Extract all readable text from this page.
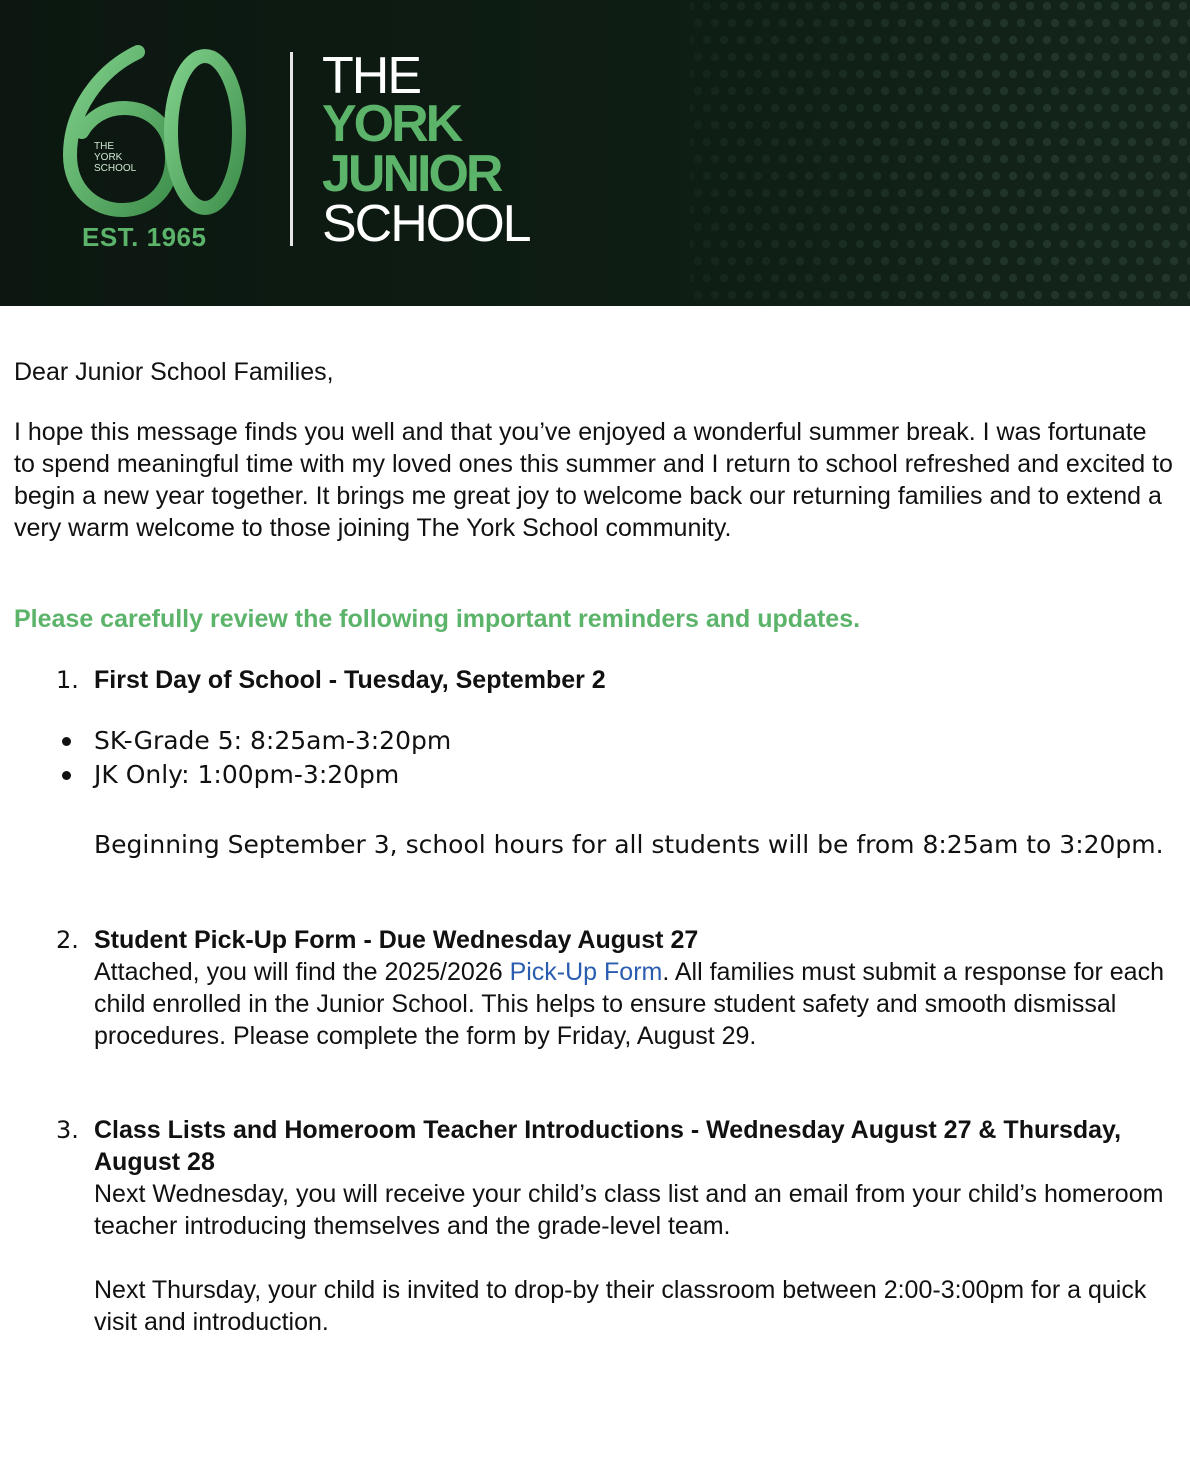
THE
YORK
SCHOOL
EST. 1965
THE
YORK
JUNIOR
SCHOOL

Dear Junior School Families,

I hope this message finds you well and that you’ve enjoyed a wonderful summer break. I was fortunate to spend meaningful time with my loved ones this summer and I return to school refreshed and excited to begin a new year together. It brings me great joy to welcome back our returning families and to extend a very warm welcome to those joining The York School community.

Please carefully review the following important reminders and updates.

1. First Day of School - Tuesday, September 2
SK-Grade 5: 8:25am-3:20pm
JK Only: 1:00pm-3:20pm
Beginning September 3, school hours for all students will be from 8:25am to 3:20pm.
2. Student Pick-Up Form - Due Wednesday August 27
Attached, you will find the 2025/2026 Pick-Up Form. All families must submit a response for each child enrolled in the Junior School. This helps to ensure student safety and smooth dismissal procedures. Please complete the form by Friday, August 29.
3. Class Lists and Homeroom Teacher Introductions - Wednesday August 27 & Thursday, August 28
Next Wednesday, you will receive your child’s class list and an email from your child’s homeroom teacher introducing themselves and the grade-level team.
Next Thursday, your child is invited to drop-by their classroom between 2:00-3:00pm for a quick visit and introduction.
